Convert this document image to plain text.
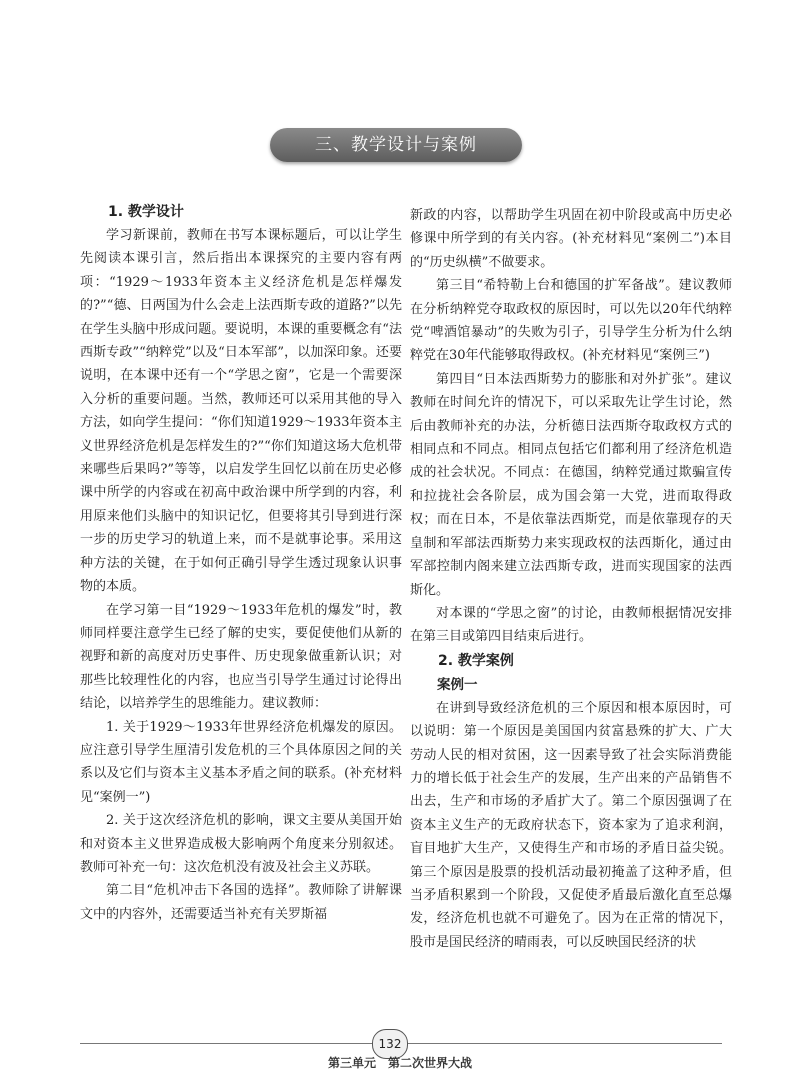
三、教学设计与案例
1. 教学设计

学习新课前，教师在书写本课标题后，可以让学生先阅读本课引言，然后指出本课探究的主要内容有两项：“1929～1933年资本主义经济危机是怎样爆发的?”“德、日两国为什么会走上法西斯专政的道路?”以先在学生头脑中形成问题。要说明，本课的重要概念有“法西斯专政”“纳粹党”以及“日本军部”，以加深印象。还要说明，在本课中还有一个“学思之窗”，它是一个需要深入分析的重要问题。当然，教师还可以采用其他的导入方法，如向学生提问：“你们知道1929～1933年资本主义世界经济危机是怎样发生的?”“你们知道这场大危机带来哪些后果吗?”等等，以启发学生回忆以前在历史必修课中所学的内容或在初高中政治课中所学到的内容，利用原来他们头脑中的知识记忆，但要将其引导到进行深一步的历史学习的轨道上来，而不是就事论事。采用这种方法的关键，在于如何正确引导学生透过现象认识事物的本质。

在学习第一目“1929～1933年危机的爆发”时，教师同样要注意学生已经了解的史实，要促使他们从新的视野和新的高度对历史事件、历史现象做重新认识；对那些比较理性化的内容，也应当引导学生通过讨论得出结论，以培养学生的思维能力。建议教师：

1. 关于1929～1933年世界经济危机爆发的原因。应注意引导学生厘清引发危机的三个具体原因之间的关系以及它们与资本主义基本矛盾之间的联系。(补充材料见“案例一”)

2. 关于这次经济危机的影响，课文主要从美国开始和对资本主义世界造成极大影响两个角度来分别叙述。教师可补充一句：这次危机没有波及社会主义苏联。

第二目“危机冲击下各国的选择”。教师除了讲解课文中的内容外，还需要适当补充有关罗斯福

新政的内容，以帮助学生巩固在初中阶段或高中历史必修课中所学到的有关内容。(补充材料见“案例二”)本目的“历史纵横”不做要求。

第三目“希特勒上台和德国的扩军备战”。建议教师在分析纳粹党夺取政权的原因时，可以先以20年代纳粹党“啤酒馆暴动”的失败为引子，引导学生分析为什么纳粹党在30年代能够取得政权。(补充材料见“案例三”)

第四目“日本法西斯势力的膨胀和对外扩张”。建议教师在时间允许的情况下，可以采取先让学生讨论，然后由教师补充的办法，分析德日法西斯夺取政权方式的相同点和不同点。相同点包括它们都利用了经济危机造成的社会状况。不同点：在德国，纳粹党通过欺骗宣传和拉拢社会各阶层，成为国会第一大党，进而取得政权；而在日本，不是依靠法西斯党，而是依靠现存的天皇制和军部法西斯势力来实现政权的法西斯化，通过由军部控制内阁来建立法西斯专政，进而实现国家的法西斯化。

对本课的“学思之窗”的讨论，由教师根据情况安排在第三目或第四目结束后进行。

2. 教学案例
案例一

在讲到导致经济危机的三个原因和根本原因时，可以说明：第一个原因是美国国内贫富悬殊的扩大、广大劳动人民的相对贫困，这一因素导致了社会实际消费能力的增长低于社会生产的发展，生产出来的产品销售不出去，生产和市场的矛盾扩大了。第二个原因强调了在资本主义生产的无政府状态下，资本家为了追求利润，盲目地扩大生产，又使得生产和市场的矛盾日益尖锐。第三个原因是股票的投机活动最初掩盖了这种矛盾，但当矛盾积累到一个阶段，又促使矛盾最后激化直至总爆发，经济危机也就不可避免了。因为在正常的情况下，股市是国民经济的晴雨表，可以反映国民经济的状

132
第三单元　第二次世界大战
